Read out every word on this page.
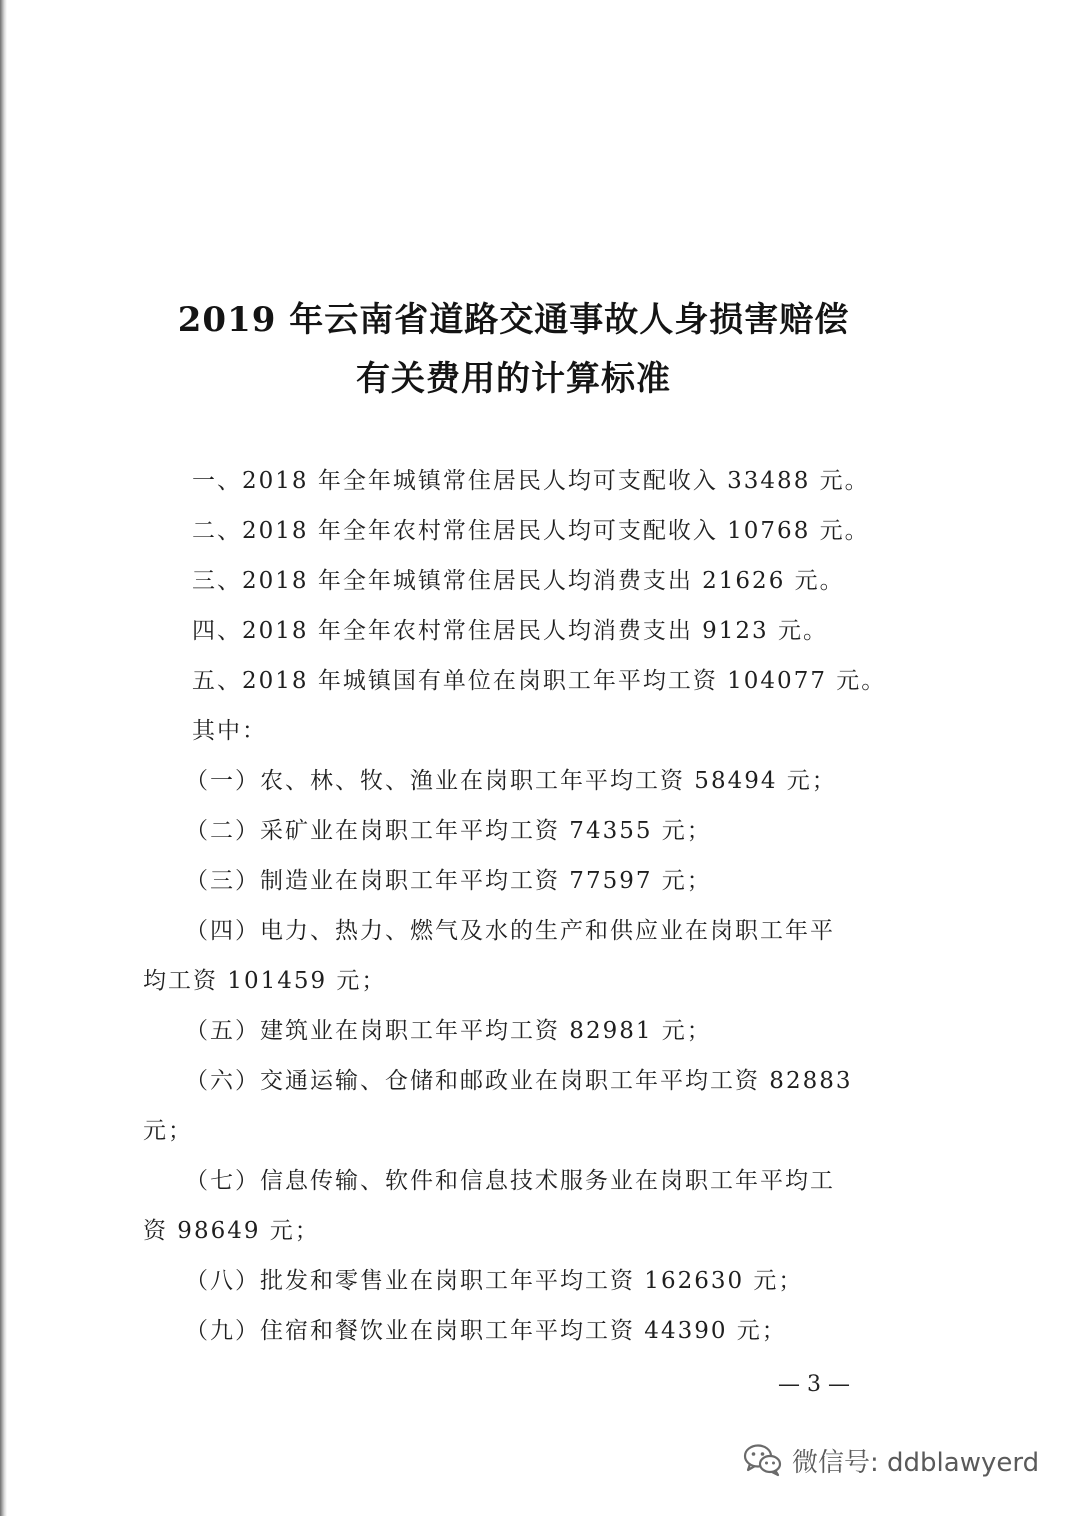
2019 年云南省道路交通事故人身损害赔偿
有关费用的计算标准
一、2018 年全年城镇常住居民人均可支配收入 33488 元。
二、2018 年全年农村常住居民人均可支配收入 10768 元。
三、2018 年全年城镇常住居民人均消费支出 21626 元。
四、2018 年全年农村常住居民人均消费支出 9123 元。
五、2018 年城镇国有单位在岗职工年平均工资 104077 元。
其中：
（一）农、林、牧、渔业在岗职工年平均工资 58494 元；
（二）采矿业在岗职工年平均工资 74355 元；
（三）制造业在岗职工年平均工资 77597 元；
（四）电力、热力、燃气及水的生产和供应业在岗职工年平
均工资 101459 元；
（五）建筑业在岗职工年平均工资 82981 元；
（六）交通运输、仓储和邮政业在岗职工年平均工资 82883
元；
（七）信息传输、软件和信息技术服务业在岗职工年平均工
资 98649 元；
（八）批发和零售业在岗职工年平均工资 162630 元；
（九）住宿和餐饮业在岗职工年平均工资 44390 元；
— 3 —
微信号: ddblawyerd
